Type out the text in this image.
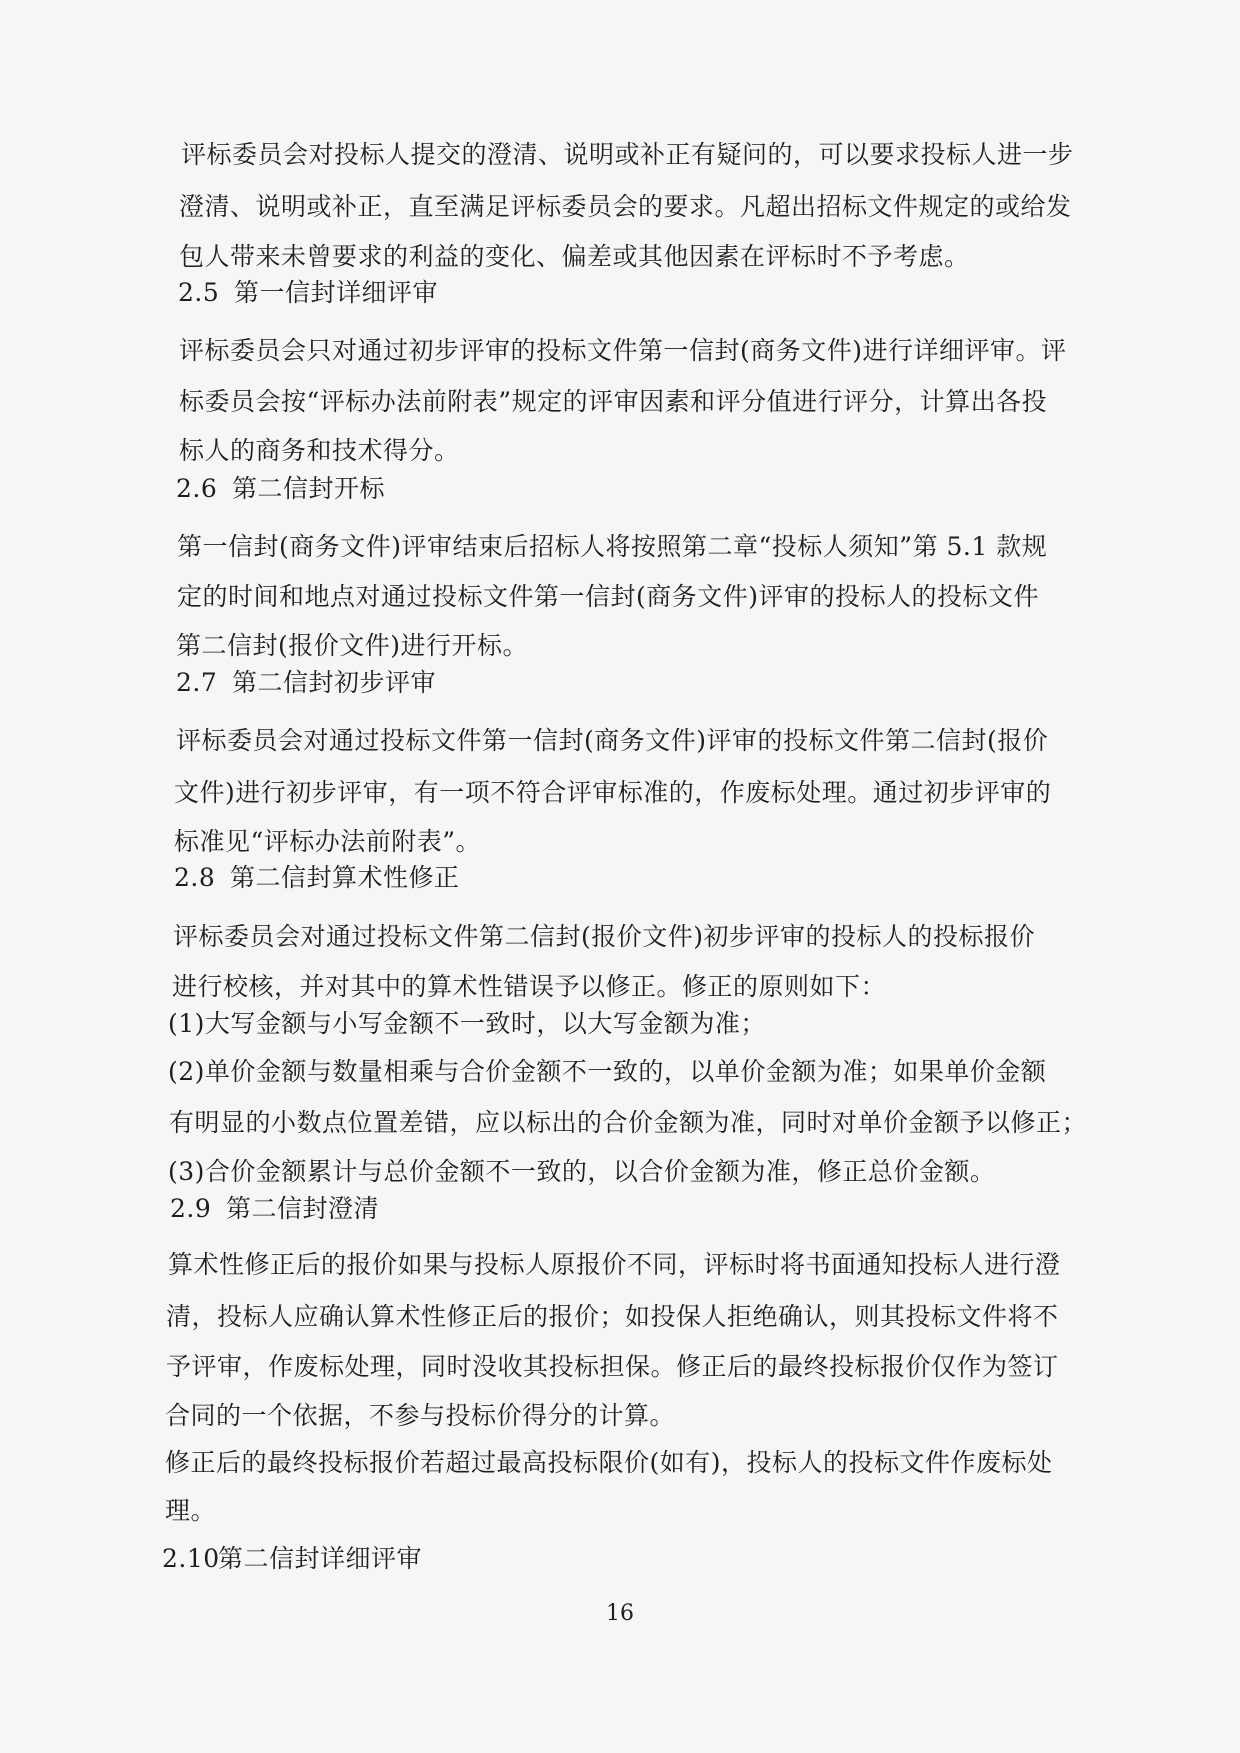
评标委员会对投标人提交的澄清、说明或补正有疑问的，可以要求投标人进一步
澄清、说明或补正，直至满足评标委员会的要求。凡超出招标文件规定的或给发
包人带来未曾要求的利益的变化、偏差或其他因素在评标时不予考虑。
2.5 第一信封详细评审
评标委员会只对通过初步评审的投标文件第一信封(商务文件)进行详细评审。评
标委员会按“评标办法前附表”规定的评审因素和评分值进行评分，计算出各投
标人的商务和技术得分。
2.6 第二信封开标
第一信封(商务文件)评审结束后招标人将按照第二章“投标人须知”第 5.1 款规
定的时间和地点对通过投标文件第一信封(商务文件)评审的投标人的投标文件
第二信封(报价文件)进行开标。
2.7 第二信封初步评审
评标委员会对通过投标文件第一信封(商务文件)评审的投标文件第二信封(报价
文件)进行初步评审，有一项不符合评审标准的，作废标处理。通过初步评审的
标准见“评标办法前附表”。
2.8 第二信封算术性修正
评标委员会对通过投标文件第二信封(报价文件)初步评审的投标人的投标报价
进行校核，并对其中的算术性错误予以修正。修正的原则如下：
(1)大写金额与小写金额不一致时，以大写金额为准；
(2)单价金额与数量相乘与合价金额不一致的，以单价金额为准；如果单价金额
有明显的小数点位置差错，应以标出的合价金额为准，同时对单价金额予以修正；
(3)合价金额累计与总价金额不一致的，以合价金额为准，修正总价金额。
2.9 第二信封澄清
算术性修正后的报价如果与投标人原报价不同，评标时将书面通知投标人进行澄
清，投标人应确认算术性修正后的报价；如投保人拒绝确认，则其投标文件将不
予评审，作废标处理，同时没收其投标担保。修正后的最终投标报价仅作为签订
合同的一个依据，不参与投标价得分的计算。
修正后的最终投标报价若超过最高投标限价(如有)，投标人的投标文件作废标处
理。
2.10第二信封详细评审
16
